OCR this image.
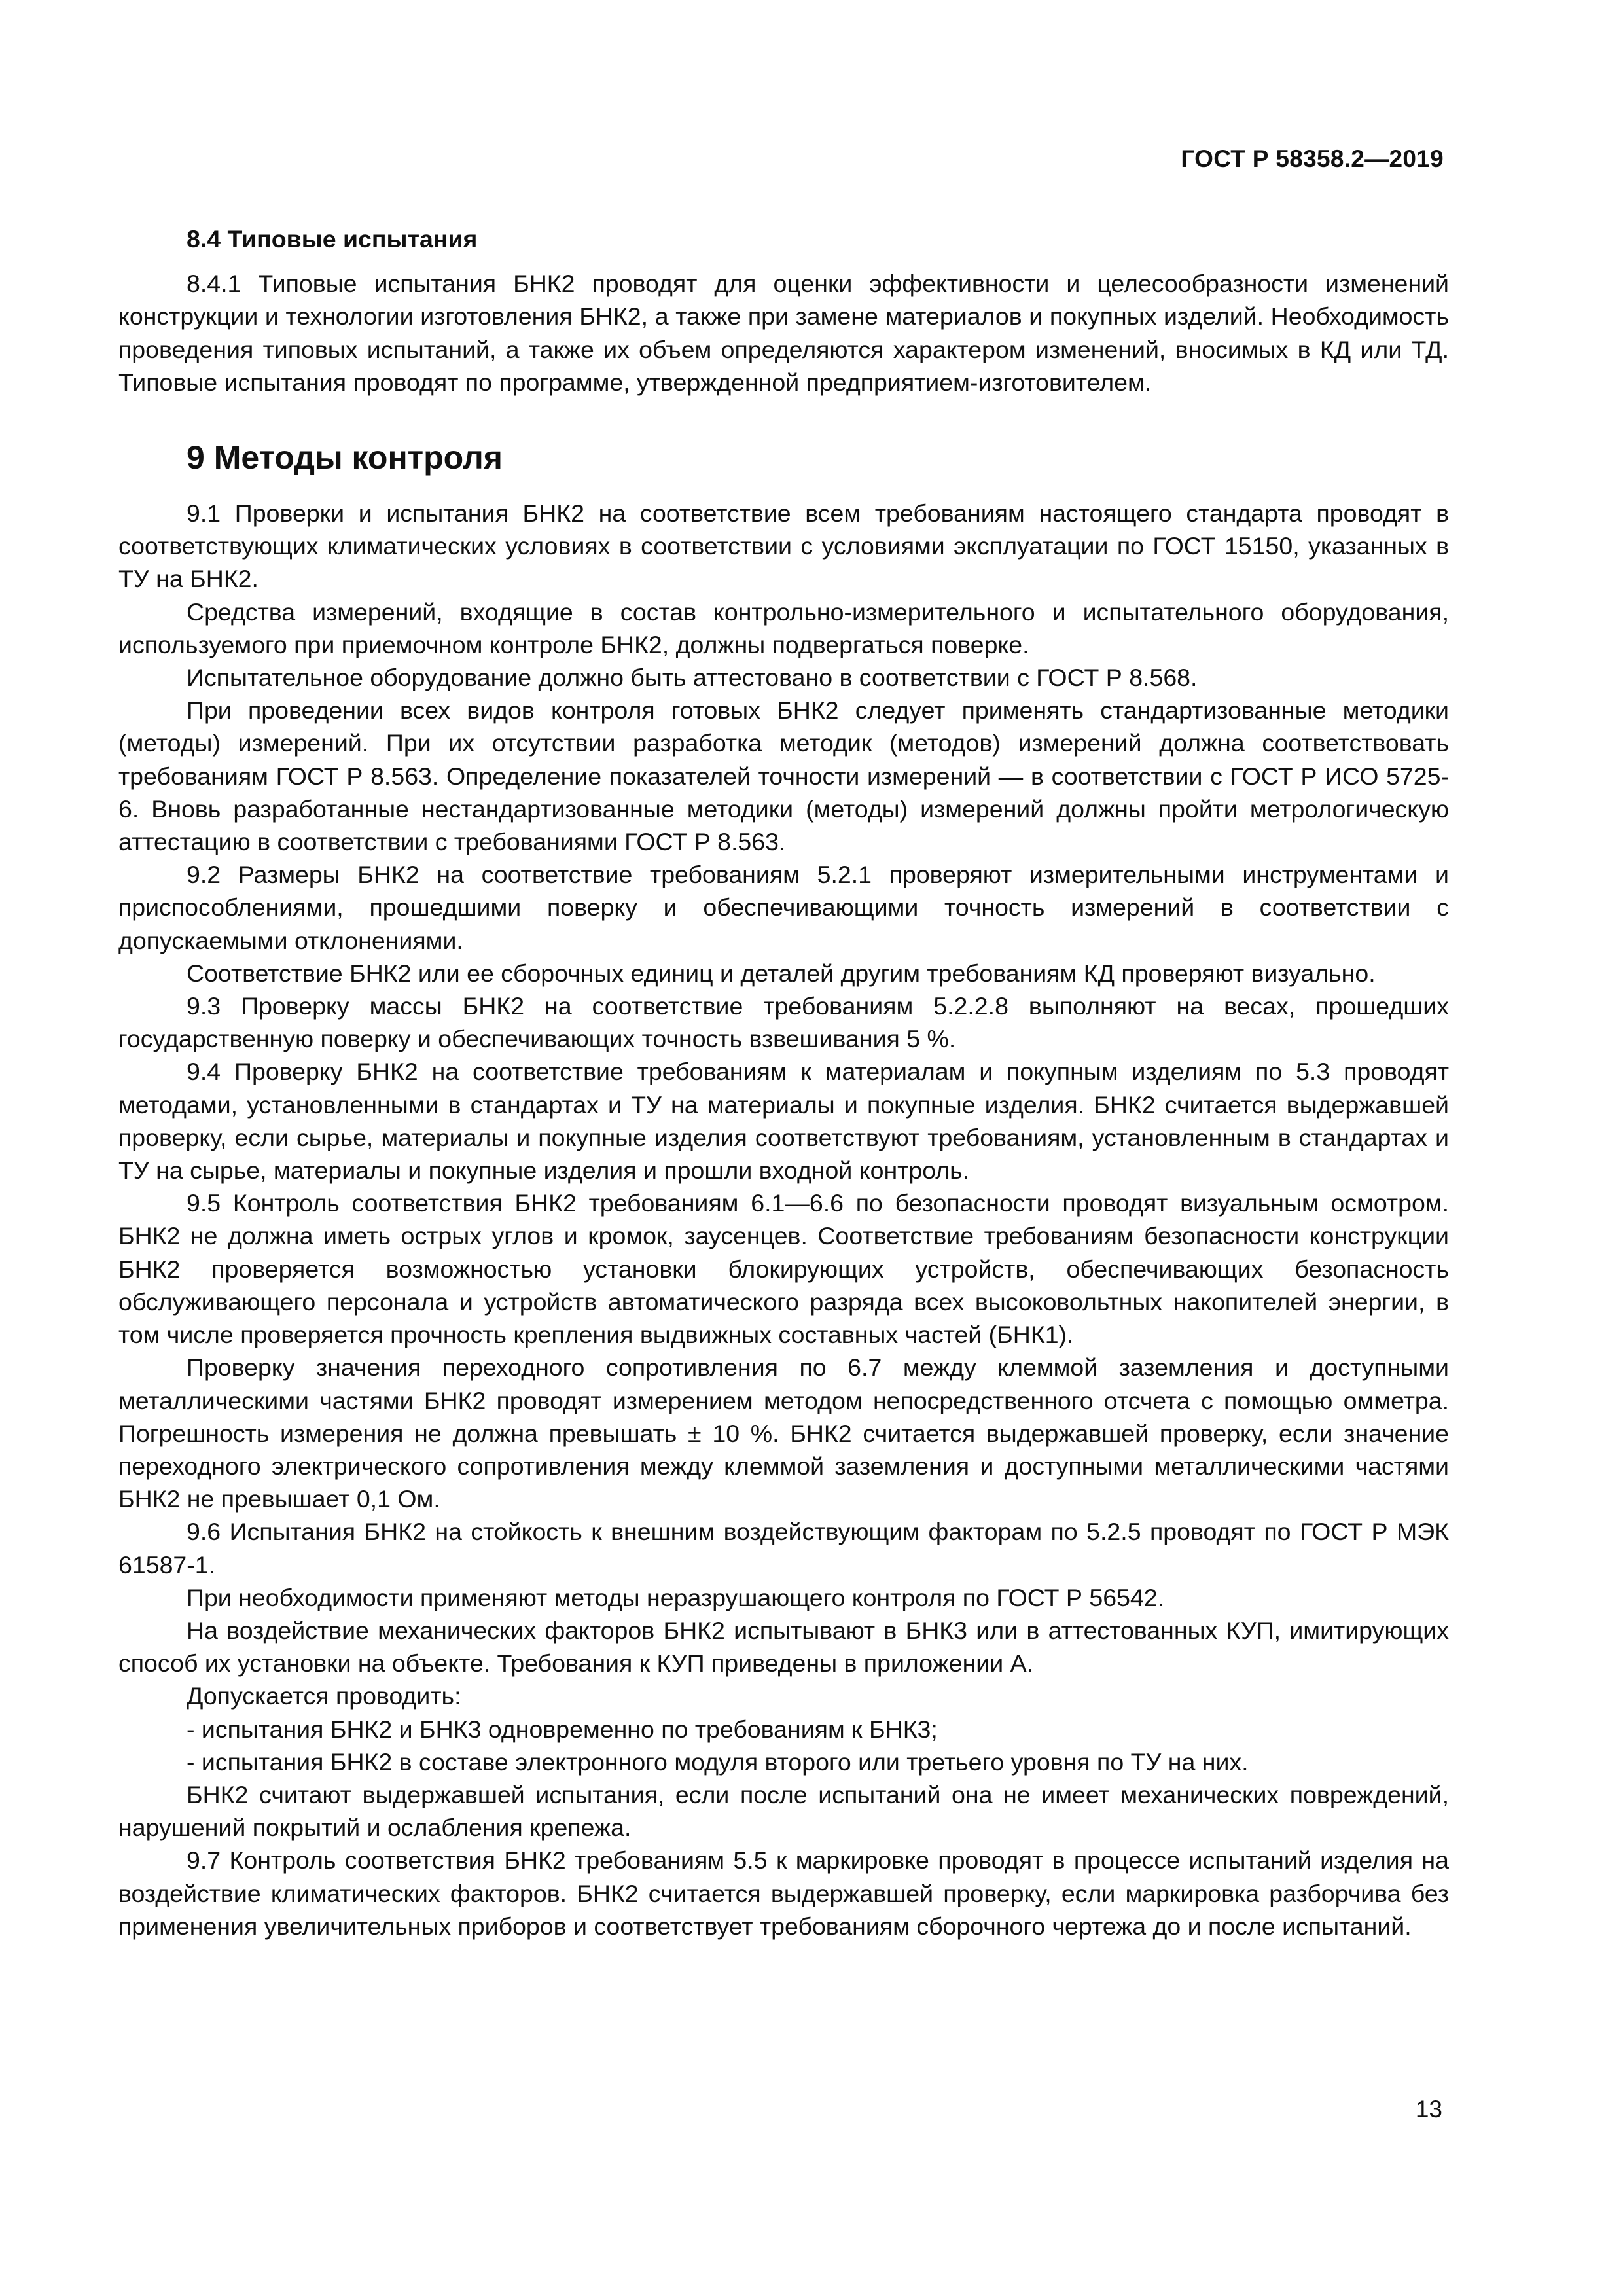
ГОСТ Р 58358.2—2019
8.4 Типовые испытания

8.4.1 Типовые испытания БНК2 проводят для оценки эффективности и целесообразности изменений конструкции и технологии изготовления БНК2, а также при замене материалов и покупных изделий. Необходимость проведения типовых испытаний, а также их объем определяются характером изменений, вносимых в КД или ТД. Типовые испытания проводят по программе, утвержденной предприятием-изготовителем.

9 Методы контроля

9.1 Проверки и испытания БНК2 на соответствие всем требованиям настоящего стандарта проводят в соответствующих климатических условиях в соответствии с условиями эксплуатации по ГОСТ 15150, указанных в ТУ на БНК2.

Средства измерений, входящие в состав контрольно-измерительного и испытательного оборудования, используемого при приемочном контроле БНК2, должны подвергаться поверке.

Испытательное оборудование должно быть аттестовано в соответствии с ГОСТ Р 8.568.

При проведении всех видов контроля готовых БНК2 следует применять стандартизованные методики (методы) измерений. При их отсутствии разработка методик (методов) измерений должна соответствовать требованиям ГОСТ Р 8.563. Определение показателей точности измерений — в соответствии с ГОСТ Р ИСО 5725-6. Вновь разработанные нестандартизованные методики (методы) измерений должны пройти метрологическую аттестацию в соответствии с требованиями ГОСТ Р 8.563.

9.2 Размеры БНК2 на соответствие требованиям 5.2.1 проверяют измерительными инструментами и приспособлениями, прошедшими поверку и обеспечивающими точность измерений в соответствии с допускаемыми отклонениями.

Соответствие БНК2 или ее сборочных единиц и деталей другим требованиям КД проверяют визуально.

9.3 Проверку массы БНК2 на соответствие требованиям 5.2.2.8 выполняют на весах, прошедших государственную поверку и обеспечивающих точность взвешивания 5 %.

9.4 Проверку БНК2 на соответствие требованиям к материалам и покупным изделиям по 5.3 проводят методами, установленными в стандартах и ТУ на материалы и покупные изделия. БНК2 считается выдержавшей проверку, если сырье, материалы и покупные изделия соответствуют требованиям, установленным в стандартах и ТУ на сырье, материалы и покупные изделия и прошли входной контроль.

9.5 Контроль соответствия БНК2 требованиям 6.1—6.6 по безопасности проводят визуальным осмотром. БНК2 не должна иметь острых углов и кромок, заусенцев. Соответствие требованиям безопасности конструкции БНК2 проверяется возможностью установки блокирующих устройств, обеспечивающих безопасность обслуживающего персонала и устройств автоматического разряда всех высоковольтных накопителей энергии, в том числе проверяется прочность крепления выдвижных составных частей (БНК1).

Проверку значения переходного сопротивления по 6.7 между клеммой заземления и доступными металлическими частями БНК2 проводят измерением методом непосредственного отсчета с помощью омметра. Погрешность измерения не должна превышать ± 10 %. БНК2 считается выдержавшей проверку, если значение переходного электрического сопротивления между клеммой заземления и доступными металлическими частями БНК2 не превышает 0,1 Ом.

9.6 Испытания БНК2 на стойкость к внешним воздействующим факторам по 5.2.5 проводят по ГОСТ Р МЭК 61587-1.

При необходимости применяют методы неразрушающего контроля по ГОСТ Р 56542.

На воздействие механических факторов БНК2 испытывают в БНК3 или в аттестованных КУП, имитирующих способ их установки на объекте. Требования к КУП приведены в приложении А.

Допускается проводить:

- испытания БНК2 и БНК3 одновременно по требованиям к БНК3;

- испытания БНК2 в составе электронного модуля второго или третьего уровня по ТУ на них.

БНК2 считают выдержавшей испытания, если после испытаний она не имеет механических повреждений, нарушений покрытий и ослабления крепежа.

9.7 Контроль соответствия БНК2 требованиям 5.5 к маркировке проводят в процессе испытаний изделия на воздействие климатических факторов. БНК2 считается выдержавшей проверку, если маркировка разборчива без применения увеличительных приборов и соответствует требованиям сборочного чертежа до и после испытаний.

13
